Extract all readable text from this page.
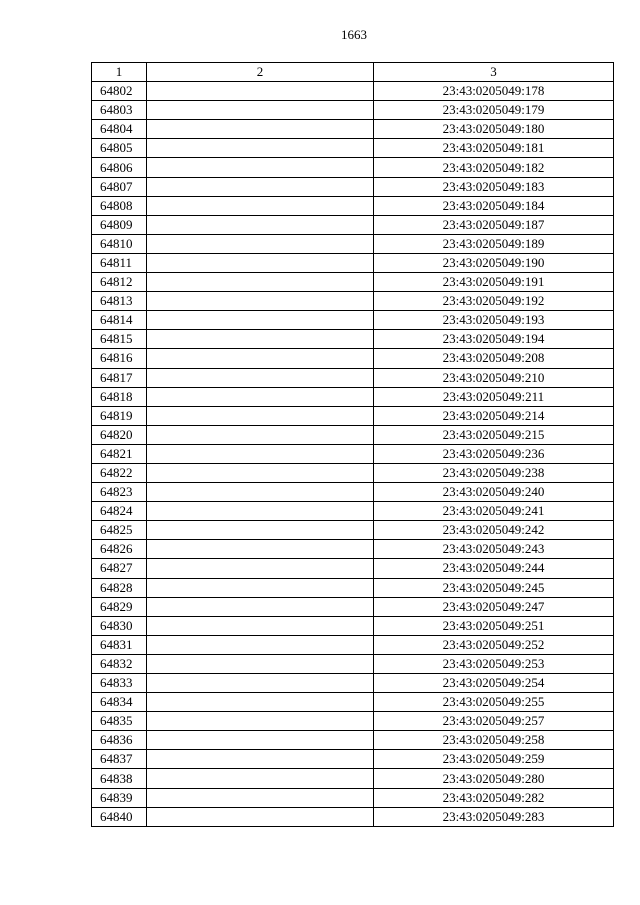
1663
1	2	3
64802		23:43:0205049:178
64803		23:43:0205049:179
64804		23:43:0205049:180
64805		23:43:0205049:181
64806		23:43:0205049:182
64807		23:43:0205049:183
64808		23:43:0205049:184
64809		23:43:0205049:187
64810		23:43:0205049:189
64811		23:43:0205049:190
64812		23:43:0205049:191
64813		23:43:0205049:192
64814		23:43:0205049:193
64815		23:43:0205049:194
64816		23:43:0205049:208
64817		23:43:0205049:210
64818		23:43:0205049:211
64819		23:43:0205049:214
64820		23:43:0205049:215
64821		23:43:0205049:236
64822		23:43:0205049:238
64823		23:43:0205049:240
64824		23:43:0205049:241
64825		23:43:0205049:242
64826		23:43:0205049:243
64827		23:43:0205049:244
64828		23:43:0205049:245
64829		23:43:0205049:247
64830		23:43:0205049:251
64831		23:43:0205049:252
64832		23:43:0205049:253
64833		23:43:0205049:254
64834		23:43:0205049:255
64835		23:43:0205049:257
64836		23:43:0205049:258
64837		23:43:0205049:259
64838		23:43:0205049:280
64839		23:43:0205049:282
64840		23:43:0205049:283
